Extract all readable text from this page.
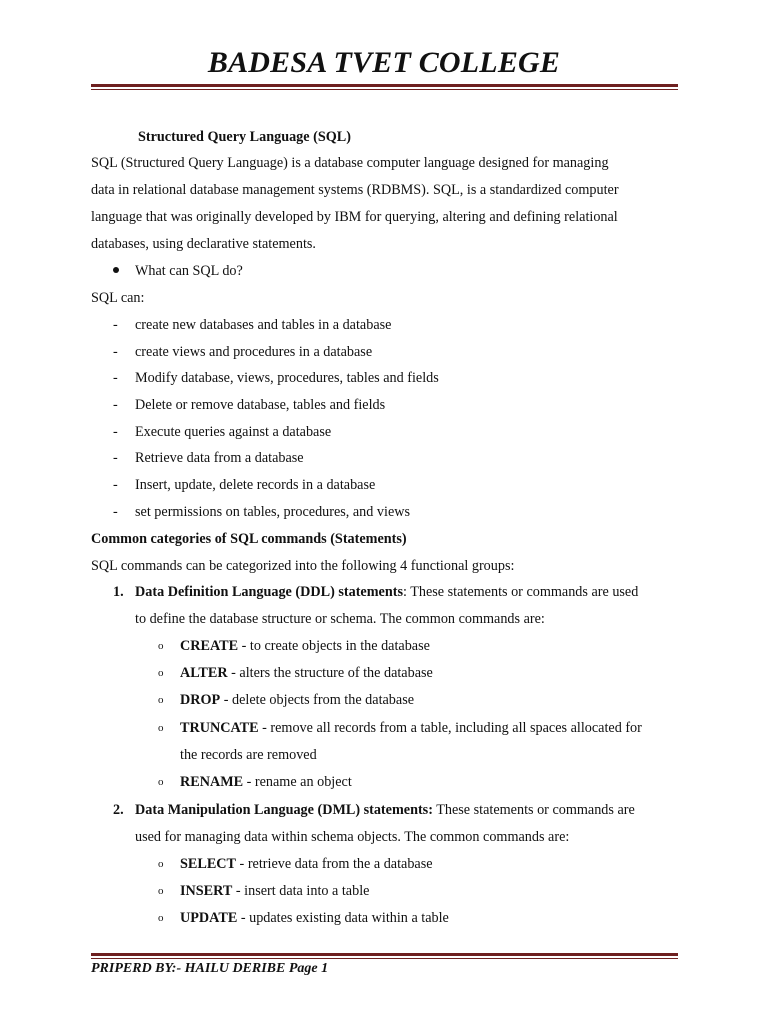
BADESA TVET COLLEGE
Structured Query Language (SQL)
SQL (Structured Query Language) is a database computer language designed for managing
data in relational database management systems (RDBMS). SQL, is a standardized computer
language that was originally developed by IBM for querying, altering and defining relational
databases, using declarative statements.
What can SQL do?
SQL can:
- create new databases and tables in a database
- create views and procedures in a database
- Modify database, views, procedures, tables and fields
- Delete or remove database, tables and fields
- Execute queries against a database
- Retrieve data from a database
- Insert, update, delete records in a database
- set permissions on tables, procedures, and views
Common categories of SQL commands (Statements)
SQL commands can be categorized into the following 4 functional groups:
1. Data Definition Language (DDL) statements: These statements or commands are used
to define the database structure or schema. The common commands are:
o CREATE - to create objects in the database
o ALTER - alters the structure of the database
o DROP - delete objects from the database
o TRUNCATE - remove all records from a table, including all spaces allocated for
the records are removed
o RENAME - rename an object
2. Data Manipulation Language (DML) statements: These statements or commands are
used for managing data within schema objects. The common commands are:
o SELECT - retrieve data from the a database
o INSERT - insert data into a table
o UPDATE - updates existing data within a table
PRIPERD BY:- HAILU DERIBE Page 1
